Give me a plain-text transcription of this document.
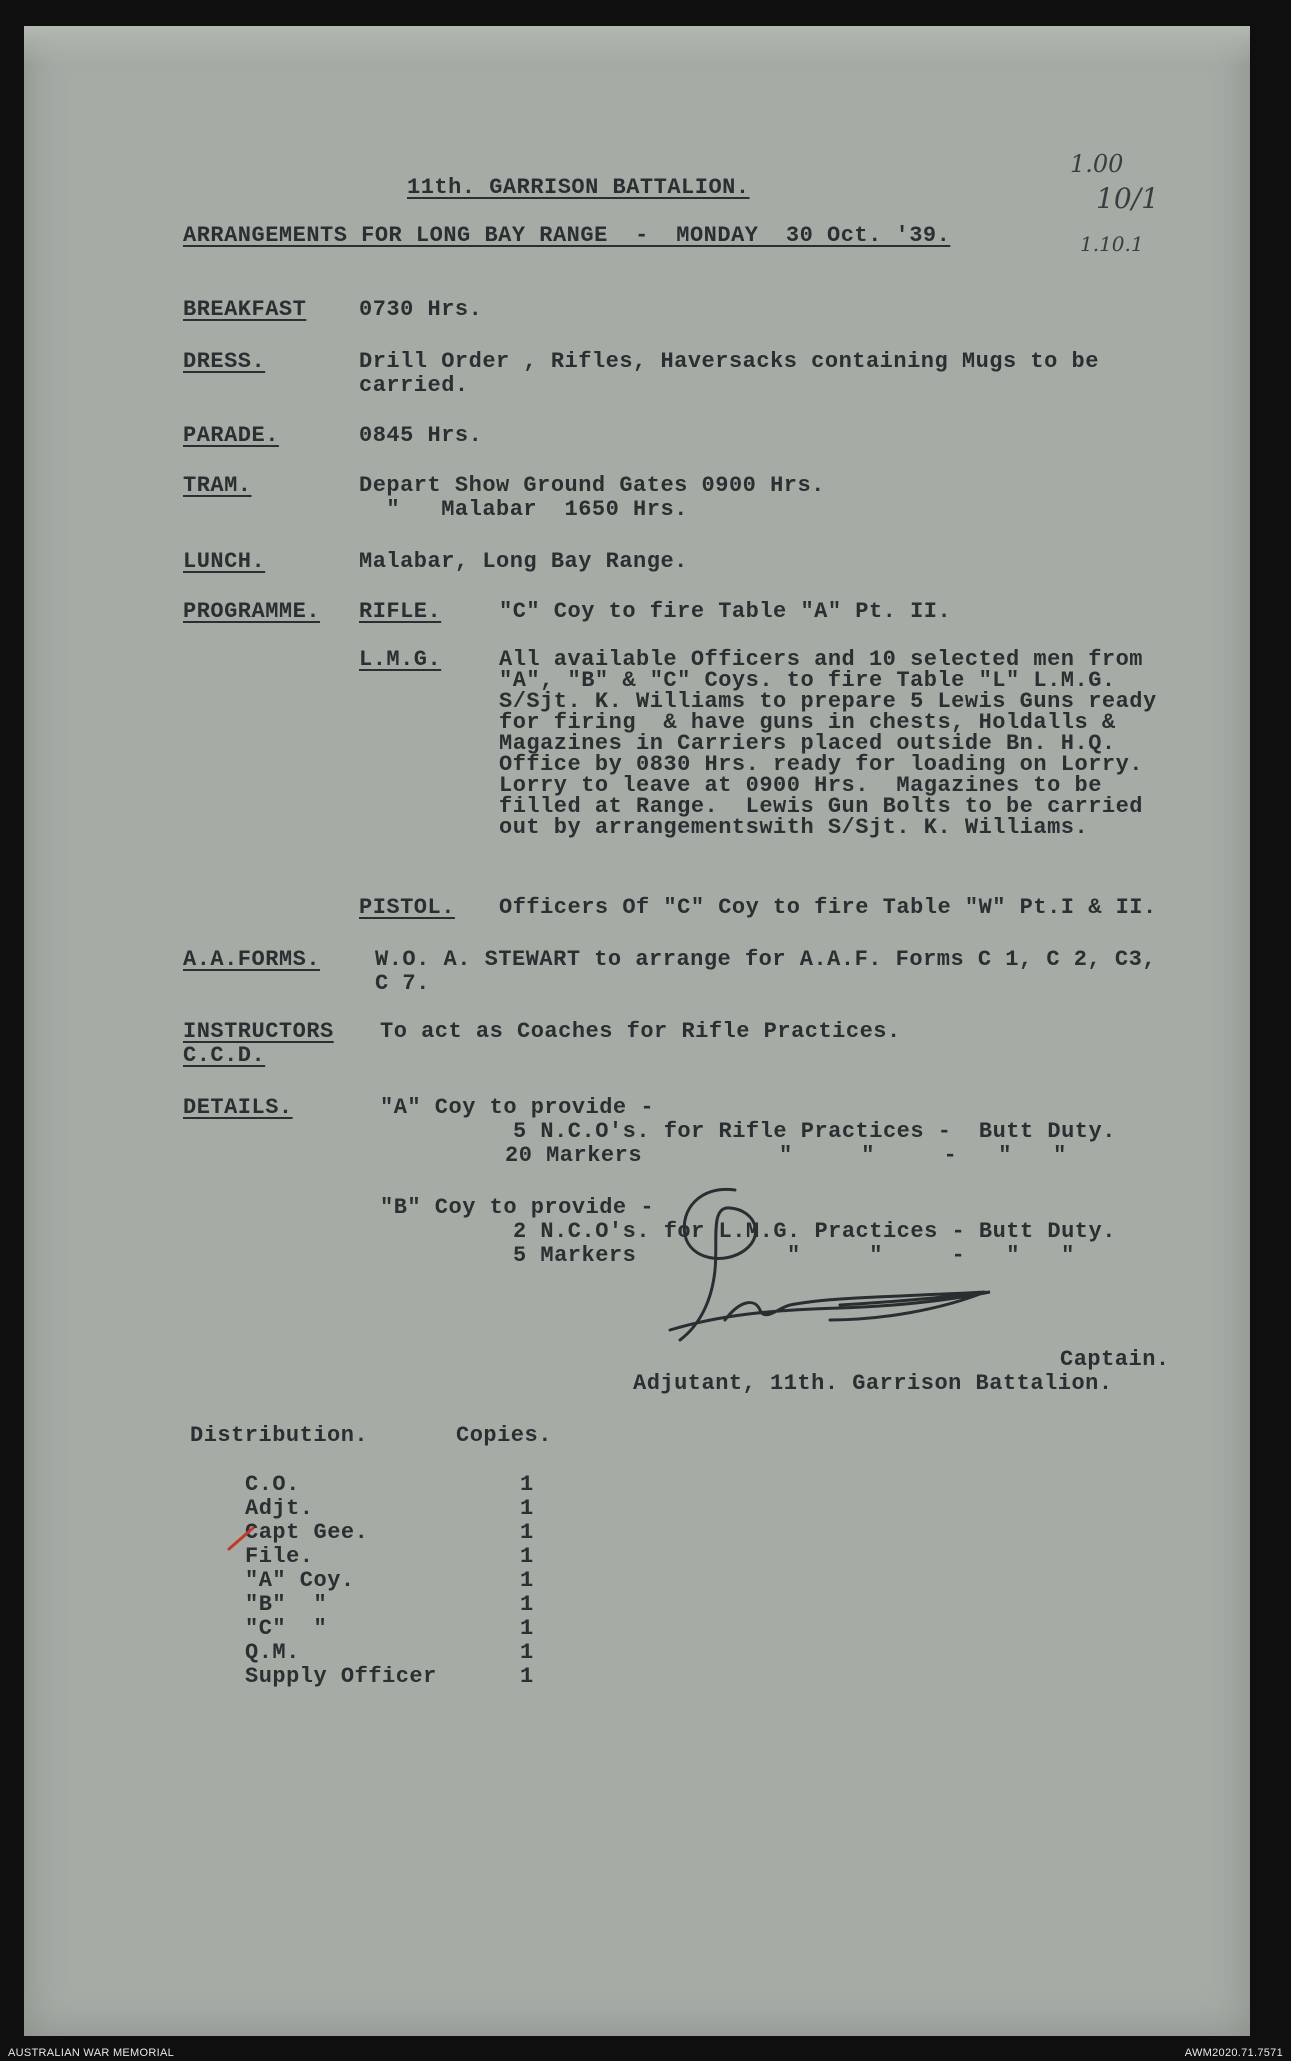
11th. GARRISON BATTALION.
ARRANGEMENTS FOR LONG BAY RANGE  -  MONDAY  30 Oct. '39.
1.00
10/1
1.10.1
BREAKFAST 0730 Hrs.
DRESS.	Drill Order , Rifles, Haversacks containing Mugs to be
carried.
PARADE.	0845 Hrs.
TRAM.	Depart Show Ground Gates 0900 Hrs.
"   Malabar  1650 Hrs.
LUNCH.	Malabar, Long Bay Range.
PROGRAMME. RIFLE.	"C" Coy to fire Table "A" Pt. II.
L.M.G.	All available Officers and 10 selected men from
"A", "B" & "C" Coys. to fire Table "L" L.M.G.
S/Sjt. K. Williams to prepare 5 Lewis Guns ready
for firing  & have guns in chests, Holdalls &
Magazines in Carriers placed outside Bn. H.Q.
Office by 0830 Hrs. ready for loading on Lorry.
Lorry to leave at 0900 Hrs.  Magazines to be
filled at Range.  Lewis Gun Bolts to be carried
out by arrangementswith S/Sjt. K. Williams.
PISTOL. Officers Of "C" Coy to fire Table "W" Pt.I & II.
A.A.FORMS. W.O. A. STEWART to arrange for A.A.F. Forms C 1, C 2, C3,
C 7.
INSTRUCTORS
C.C.D.
To act as Coaches for Rifle Practices.
DETAILS.	"A" Coy to provide -
5 N.C.O's. for Rifle Practices -  Butt Duty.
20 Markers          "     "     -   "   "
"B" Coy to provide -
2 N.C.O's. for L.M.G. Practices - Butt Duty.
5 Markers           "     "     -   "   "
Captain.
Adjutant, 11th. Garrison Battalion.
Distribution.	Copies.
C.O.	1
Adjt.	1
Capt Gee.	1
File.	1
"A" Coy.	1
"B"  "	1
"C"  "	1
Q.M.	1
Supply Officer	1
AUSTRALIAN WAR MEMORIAL	AWM2020.71.7571
